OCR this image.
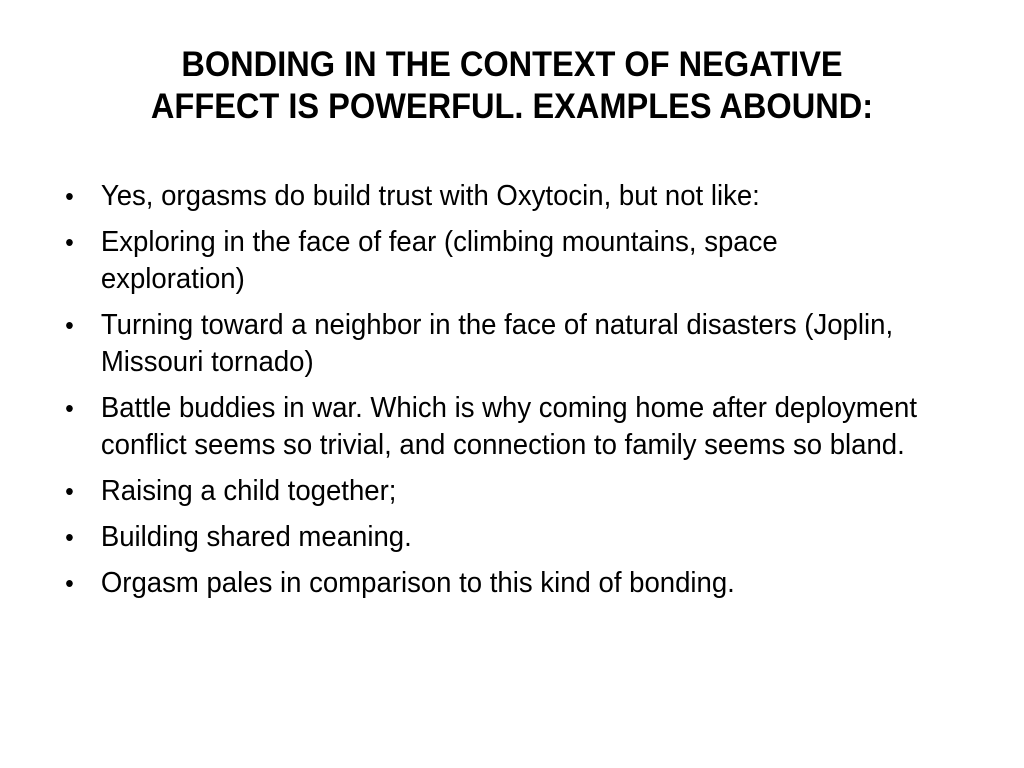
BONDING IN THE CONTEXT OF NEGATIVE
AFFECT IS POWERFUL. EXAMPLES ABOUND:
• Yes, orgasms do build trust with Oxytocin, but not like:
• Exploring in the face of fear (climbing mountains, space exploration)
• Turning toward a neighbor in the face of natural disasters (Joplin, Missouri tornado)
• Battle buddies in war. Which is why coming home after deployment conflict seems so trivial, and connection to family seems so bland.
• Raising a child together;
• Building shared meaning.
• Orgasm pales in comparison to this kind of bonding.
